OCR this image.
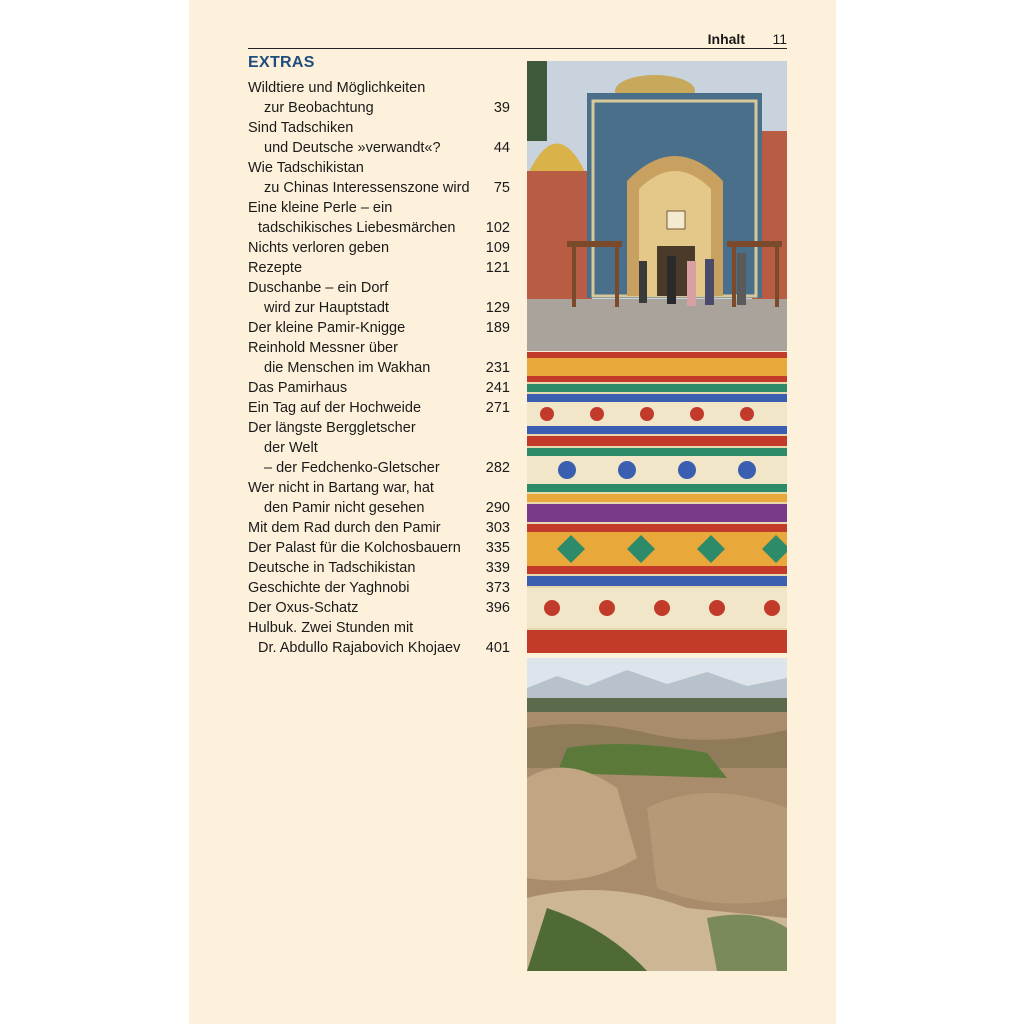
Inhalt 11
EXTRAS
Wildtiere und Möglichkeiten
zur Beobachtung	39
Sind Tadschiken
und Deutsche »verwandt«?	44
Wie Tadschikistan
zu Chinas Interessenszone wird 75
Eine kleine Perle – ein
tadschikisches Liebesmärchen 102
Nichts verloren geben	109
Rezepte	121
Duschanbe – ein Dorf
wird zur Hauptstadt	129
Der kleine Pamir-Knigge	189
Reinhold Messner über
die Menschen im Wakhan	231
Das Pamirhaus	241
Ein Tag auf der Hochweide	271
Der längste Berggletscher
der Welt
– der Fedchenko-Gletscher	282
Wer nicht in Bartang war, hat
den Pamir nicht gesehen	290
Mit dem Rad durch den Pamir	303
Der Palast für die Kolchosbauern 335
Deutsche in Tadschikistan	339
Geschichte der Yaghnobi	373
Der Oxus-Schatz	396
Hulbuk. Zwei Stunden mit
Dr. Abdullo Rajabovich Khojaev 401
